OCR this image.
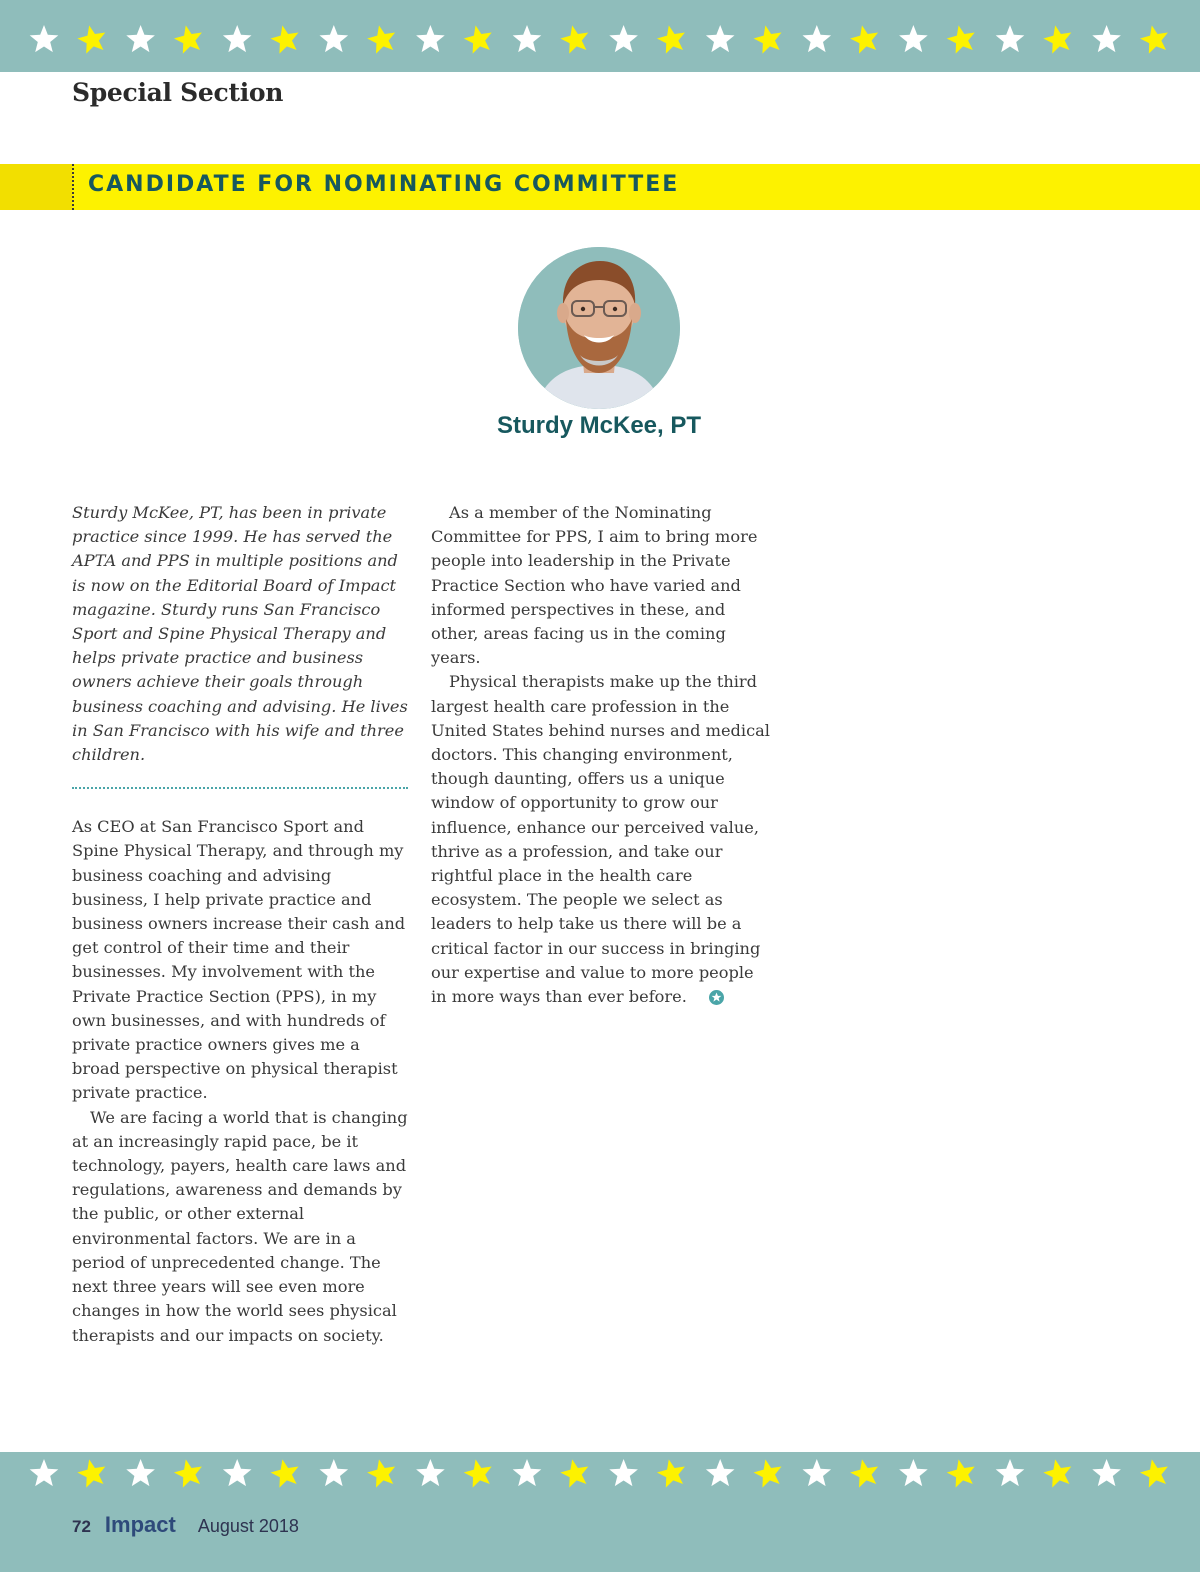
Special Section
CANDIDATE FOR NOMINATING COMMITTEE
Sturdy McKee, PT

Sturdy McKee, PT, has been in private practice since 1999. He has served the APTA and PPS in multiple positions and is now on the Editorial Board of Impact magazine. Sturdy runs San Francisco Sport and Spine Physical Therapy and helps private practice and business owners achieve their goals through business coaching and advising. He lives in San Francisco with his wife and three children.

As CEO at San Francisco Sport and Spine Physical Therapy, and through my business coaching and advising business, I help private practice and business owners increase their cash and get control of their time and their businesses. My involvement with the Private Practice Section (PPS), in my own businesses, and with hundreds of private practice owners gives me a broad perspective on physical therapist private practice.

We are facing a world that is changing at an increasingly rapid pace, be it technology, payers, health care laws and regulations, awareness and demands by the public, or other external environmental factors. We are in a period of unprecedented change. The next three years will see even more changes in how the world sees physical therapists and our impacts on society.

As a member of the Nominating Committee for PPS, I aim to bring more people into leadership in the Private Practice Section who have varied and informed perspectives in these, and other, areas facing us in the coming years.

Physical therapists make up the third largest health care profession in the United States behind nurses and medical doctors. This changing environment, though daunting, offers us a unique window of opportunity to grow our influence, enhance our perceived value, thrive as a profession, and take our rightful place in the health care ecosystem. The people we select as leaders to help take us there will be a critical factor in our success in bringing our expertise and value to more people in more ways than ever before.

72 Impact August 2018
